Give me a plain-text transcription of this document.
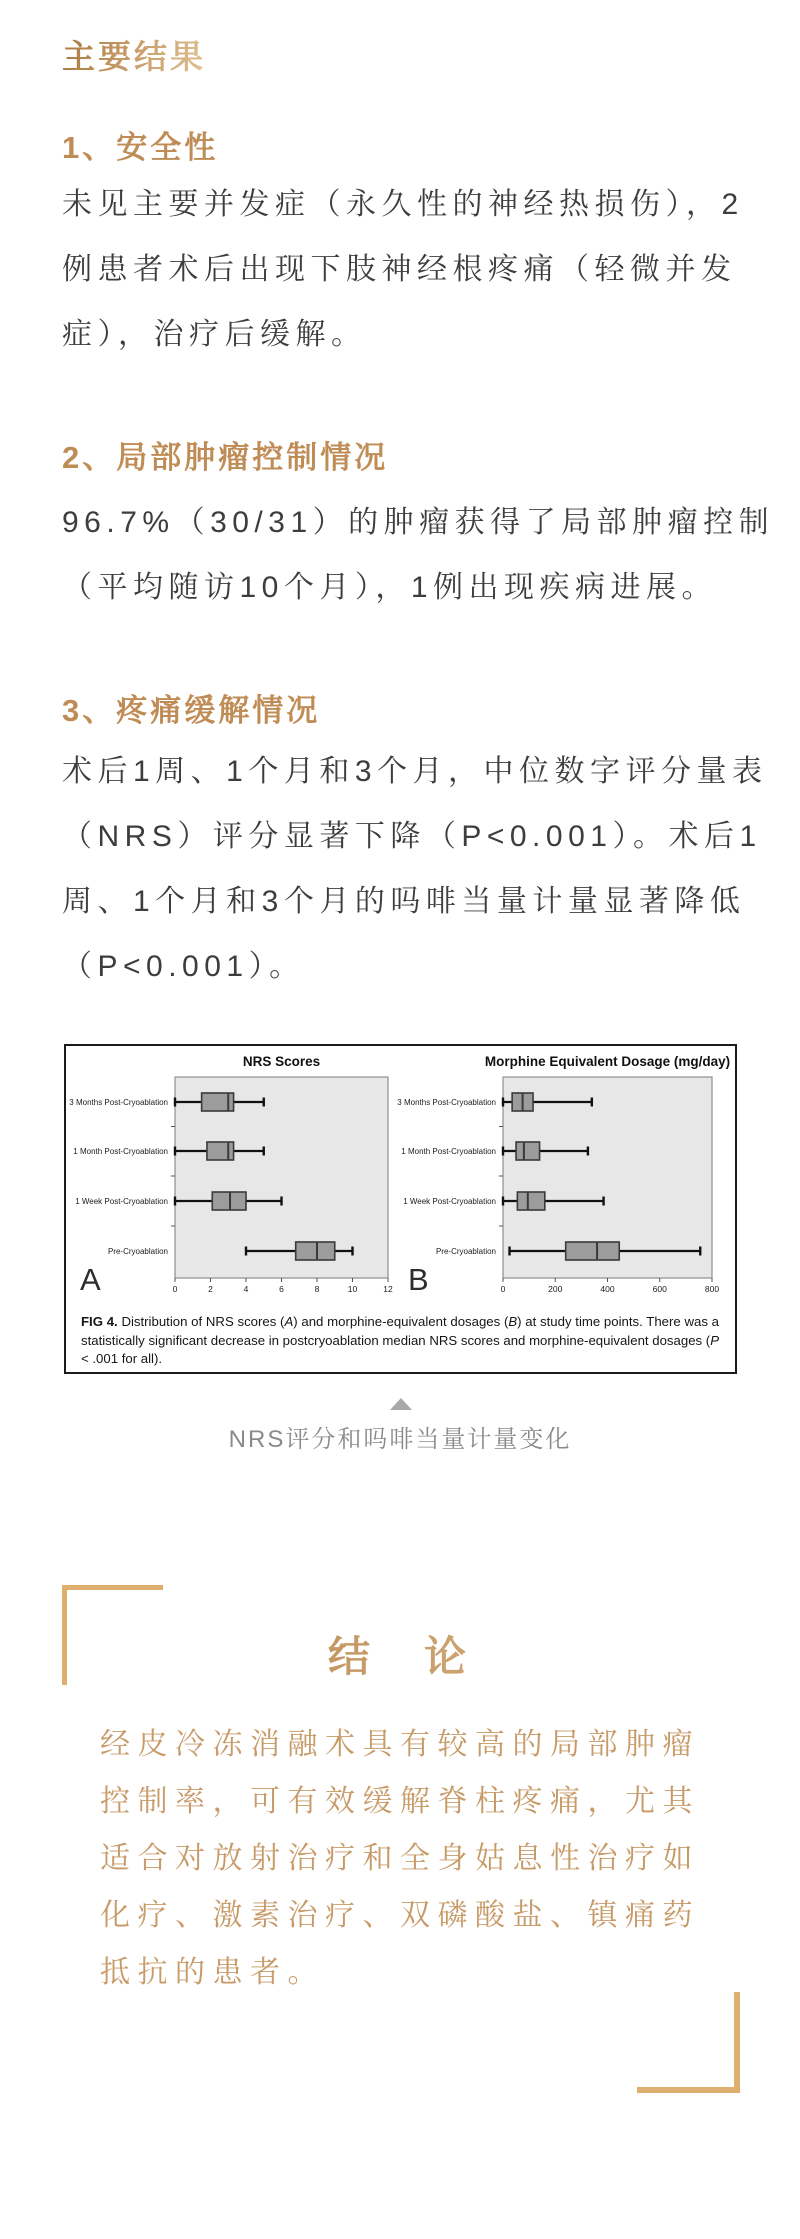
主要结果
1、安全性
未见主要并发症（永久性的神经热损伤），2
例患者术后出现下肢神经根疼痛（轻微并发
症），治疗后缓解。
2、局部肿瘤控制情况
96.7%（30/31）的肿瘤获得了局部肿瘤控制
（平均随访10个月），1例出现疾病进展。
3、疼痛缓解情况
术后1周、1个月和3个月，中位数字评分量表
（NRS）评分显著下降（P<0.001）。术后1
周、1个月和3个月的吗啡当量计量显著降低
（P<0.001）。
NRS Scores
3 Months Post-Cryoablation
1 Month Post-Cryoablation
1 Week Post-Cryoablation
Pre-Cryoablation
0	2	4	6	8	10	12
A
Morphine Equivalent Dosage (mg/day)
3 Months Post-Cryoablation
1 Month Post-Cryoablation
1 Week Post-Cryoablation
Pre-Cryoablation
0	200	400	600	800
B
FIG 4. Distribution of NRS scores (A) and morphine-equivalent dosages (B) at study time points. There was a statistically significant decrease in postcryoablation median NRS scores and morphine-equivalent dosages (P < .001 for all).
NRS评分和吗啡当量计量变化
结　论
经皮冷冻消融术具有较高的局部肿瘤
控制率，可有效缓解脊柱疼痛，尤其
适合对放射治疗和全身姑息性治疗如
化疗、激素治疗、双磷酸盐、镇痛药
抵抗的患者。
